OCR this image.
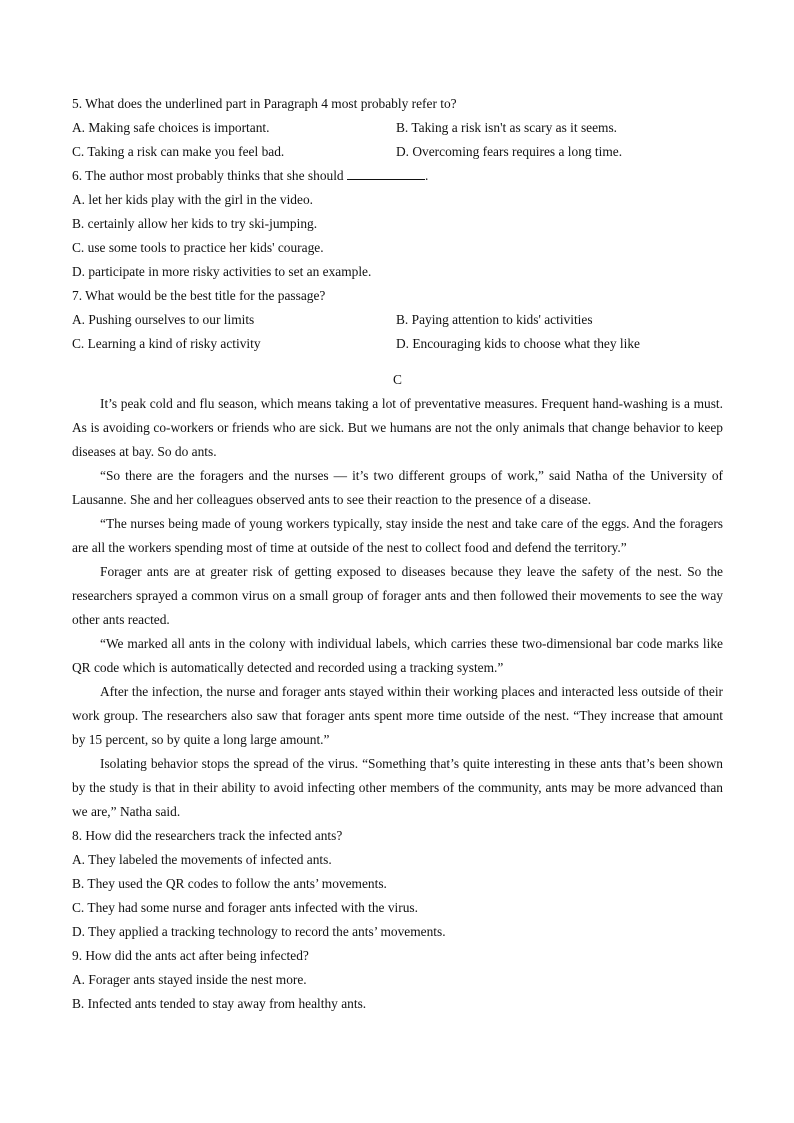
5. What does the underlined part in Paragraph 4 most probably refer to?
A. Making safe choices is important.	B. Taking a risk isn't as scary as it seems.
C. Taking a risk can make you feel bad.	D. Overcoming fears requires a long time.
6. The author most probably thinks that she should	.
A. let her kids play with the girl in the video.
B. certainly allow her kids to try ski-jumping.
C. use some tools to practice her kids' courage.
D. participate in more risky activities to set an example.
7. What would be the best title for the passage?
A. Pushing ourselves to our limits	B. Paying attention to kids' activities
C. Learning a kind of risky activity	D. Encouraging kids to choose what they like
C
It’s peak cold and flu season, which means taking a lot of preventative measures. Frequent hand-washing is a must. As is avoiding co-workers or friends who are sick. But we humans are not the only animals that change behavior to keep diseases at bay. So do ants.
“So there are the foragers and the nurses — it’s two different groups of work,” said Natha of the University of Lausanne. She and her colleagues observed ants to see their reaction to the presence of a disease.
“The nurses being made of young workers typically, stay inside the nest and take care of the eggs. And the foragers are all the workers spending most of time at outside of the nest to collect food and defend the territory.”
Forager ants are at greater risk of getting exposed to diseases because they leave the safety of the nest. So the researchers sprayed a common virus on a small group of forager ants and then followed their movements to see the way other ants reacted.
“We marked all ants in the colony with individual labels, which carries these two-dimensional bar code marks like QR code which is automatically detected and recorded using a tracking system.”
After the infection, the nurse and forager ants stayed within their working places and interacted less outside of their work group. The researchers also saw that forager ants spent more time outside of the nest. “They increase that amount by 15 percent, so by quite a long large amount.”
Isolating behavior stops the spread of the virus. “Something that’s quite interesting in these ants that’s been shown by the study is that in their ability to avoid infecting other members of the community, ants may be more advanced than we are,” Natha said.
8. How did the researchers track the infected ants?
A. They labeled the movements of infected ants.
B. They used the QR codes to follow the ants’ movements.
C. They had some nurse and forager ants infected with the virus.
D. They applied a tracking technology to record the ants’ movements.
9. How did the ants act after being infected?
A. Forager ants stayed inside the nest more.
B. Infected ants tended to stay away from healthy ants.
